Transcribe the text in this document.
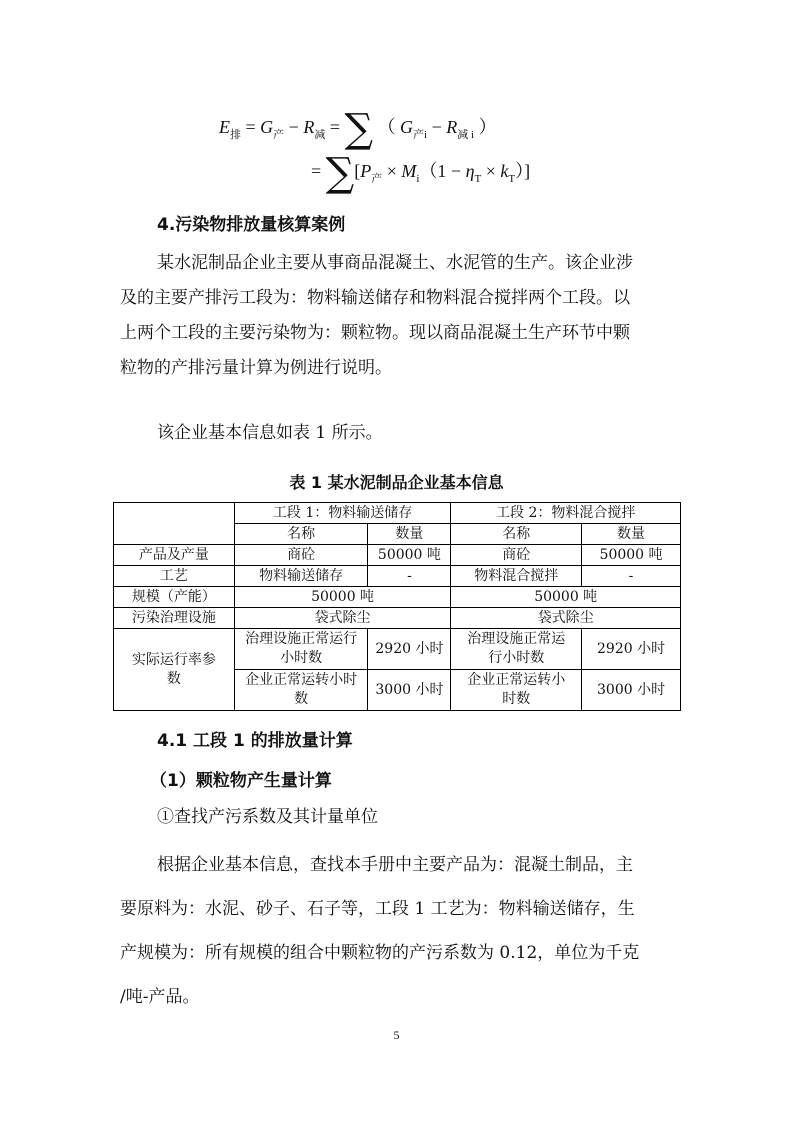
$E_排 = G_产 - R_减$ = ∑ （ $G_{产i} - R_{减 i}$ ）
= $\sum[P_产 \times M_i(1 - \eta_T \times k_T)]$
4.污染物排放量核算案例
某水泥制品企业主要从事商品混凝土、水泥管的生产。该企业涉
及的主要产排污工段为：物料输送储存和物料混合搅拌两个工段。以
上两个工段的主要污染物为：颗粒物。现以商品混凝土生产环节中颗
粒物的产排污量计算为例进行说明。
该企业基本信息如表 1 所示。
表 1 某水泥制品企业基本信息
	工段 1：物料输送储存		工段 2：物料混合搅拌	
	名称	数量	名称	数量
产品及产量	商砼	50000 吨	商砼	50000 吨
工艺	物料输送储存	-	物料混合搅拌	-
规模（产能）	50000 吨		50000 吨	
污染治理设施	袋式除尘		袋式除尘	
实际运行率参数	治理设施正常运行小时数	2920 小时	治理设施正常运行小时数	2920 小时
	企业正常运转小时数	3000 小时	企业正常运转小时数	3000 小时
4.1 工段 1 的排放量计算
（1）颗粒物产生量计算
①查找产污系数及其计量单位
根据企业基本信息，查找本手册中主要产品为：混凝土制品，主
要原料为：水泥、砂子、石子等，工段 1 工艺为：物料输送储存，生
产规模为：所有规模的组合中颗粒物的产污系数为 0.12，单位为千克
/吨-产品。
5
